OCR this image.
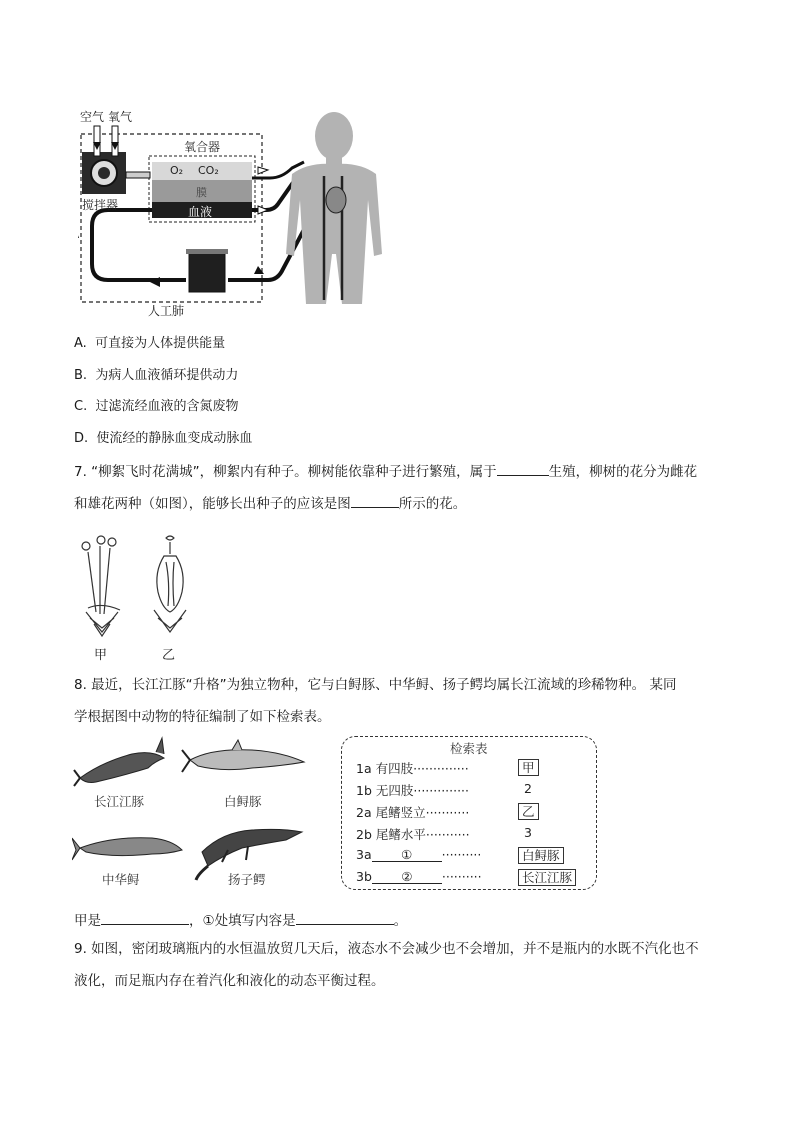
空气 氧气
氧合器
O₂ CO₂
膜
血液
搅拌器
人工肺
A. 可直接为人体提供能量
B. 为病人血液循环提供动力
C. 过滤流经血液的含氮废物
D. 使流经的静脉血变成动脉血
7. “柳絮飞时花满城”，柳絮内有种子。柳树能依靠种子进行繁殖，属于	生殖，柳树的花分为雌花
和雄花两种（如图），能够长出种子的应该是图	所示的花。
甲	乙
8. 最近，长江江豚“升格”为独立物种，它与白鲟豚、中华鲟、扬子鳄均属长江流域的珍稀物种。 某同
学根据图中动物的特征编制了如下检索表。
长江江豚	白鲟豚
中华鲟	扬子鳄
检索表
1a 有四肢··············	甲
1b 无四肢··············	2
2a 尾鳍竖立···········	乙
2b 尾鳍水平···········	3
3a ① ··········	白鲟豚
3b ② ··········	长江江豚
甲是	，①处填写内容是	。
9. 如图，密闭玻璃瓶内的水恒温放贸几天后，液态水不会减少也不会增加，并不是瓶内的水既不汽化也不
液化，而足瓶内存在着汽化和液化的动态平衡过程。
